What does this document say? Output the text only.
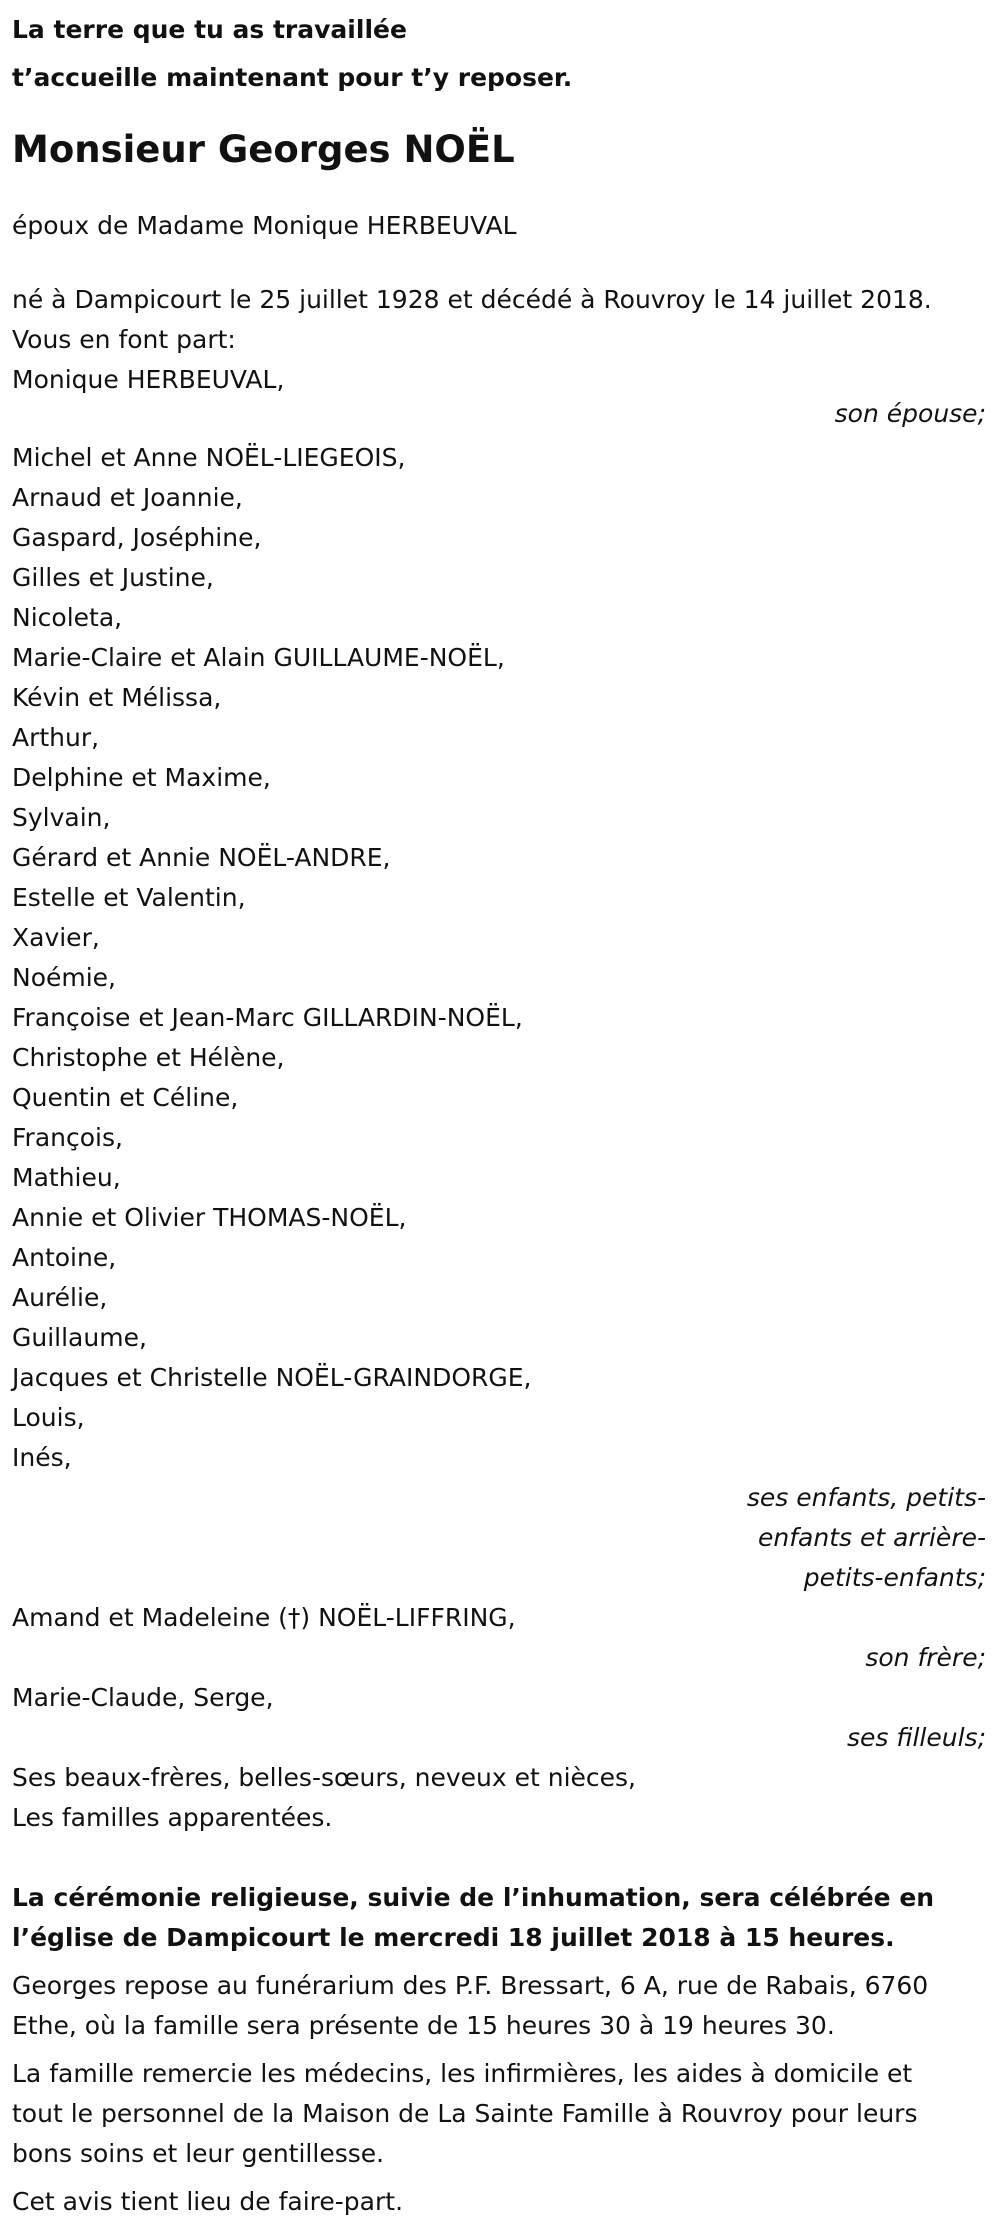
La terre que tu as travaillée
t’accueille maintenant pour t’y reposer.
Monsieur Georges NOËL
époux de Madame Monique HERBEUVAL
né à Dampicourt le 25 juillet 1928 et décédé à Rouvroy le 14 juillet 2018.
Vous en font part:
Monique HERBEUVAL,
son épouse;
Michel et Anne NOËL-LIEGEOIS,
Arnaud et Joannie,
Gaspard, Joséphine,
Gilles et Justine,
Nicoleta,
Marie-Claire et Alain GUILLAUME-NOËL,
Kévin et Mélissa,
Arthur,
Delphine et Maxime,
Sylvain,
Gérard et Annie NOËL-ANDRE,
Estelle et Valentin,
Xavier,
Noémie,
Françoise et Jean-Marc GILLARDIN-NOËL,
Christophe et Hélène,
Quentin et Céline,
François,
Mathieu,
Annie et Olivier THOMAS-NOËL,
Antoine,
Aurélie,
Guillaume,
Jacques et Christelle NOËL-GRAINDORGE,
Louis,
Inés,
ses enfants, petits-
enfants et arrière-
petits-enfants;
Amand et Madeleine (†) NOËL-LIFFRING,
son frère;
Marie-Claude, Serge,
ses filleuls;
Ses beaux-frères, belles-sœurs, neveux et nièces,
Les familles apparentées.
La cérémonie religieuse, suivie de l’inhumation, sera célébrée en
l’église de Dampicourt le mercredi 18 juillet 2018 à 15 heures.
Georges repose au funérarium des P.F. Bressart, 6 A, rue de Rabais, 6760
Ethe, où la famille sera présente de 15 heures 30 à 19 heures 30.
La famille remercie les médecins, les infirmières, les aides à domicile et
tout le personnel de la Maison de La Sainte Famille à Rouvroy pour leurs
bons soins et leur gentillesse.
Cet avis tient lieu de faire-part.
